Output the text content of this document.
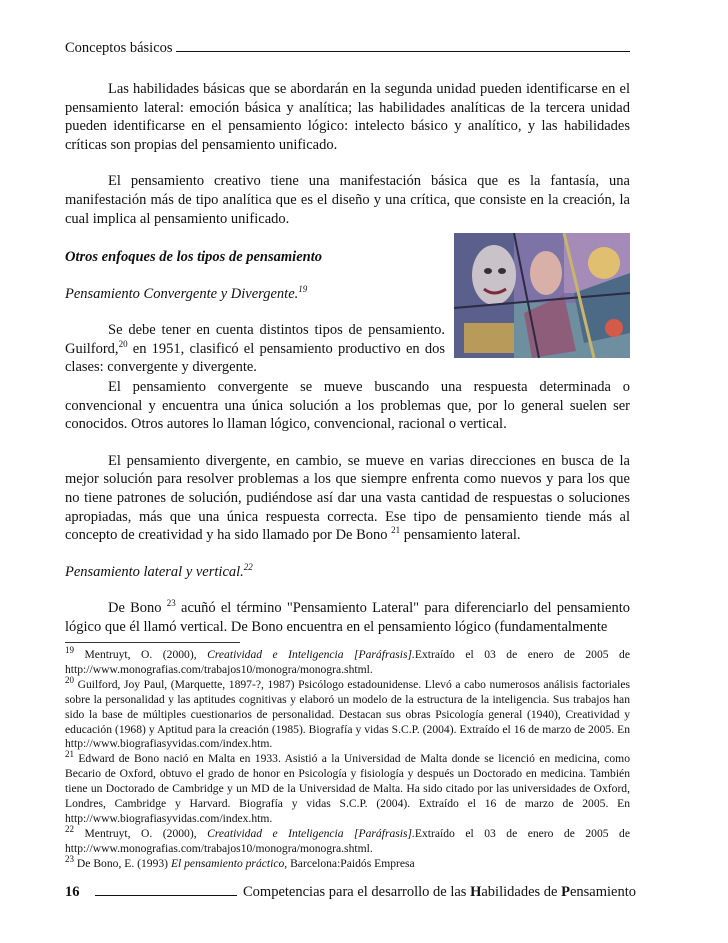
Conceptos básicos

Las habilidades básicas que se abordarán en la segunda unidad pueden identificarse en el pensamiento lateral: emoción básica y analítica; las habilidades analíticas de la tercera unidad pueden identificarse en el pensamiento lógico: intelecto básico y analítico, y las habilidades críticas son propias del pensamiento unificado.

El pensamiento creativo tiene una manifestación básica que es la fantasía, una manifestación más de tipo analítica que es el diseño y una crítica, que consiste en la creación, la cual implica al pensamiento unificado.

Otros enfoques de los tipos de pensamiento

Pensamiento Convergente y Divergente.$^{19}$

Se debe tener en cuenta distintos tipos de pensamiento. Guilford,$^{20}$ en 1951, clasificó el pensamiento productivo en dos clases: convergente y divergente.

El pensamiento convergente se mueve buscando una respuesta determinada o convencional y encuentra una única solución a los problemas que, por lo general suelen ser conocidos. Otros autores lo llaman lógico, convencional, racional o vertical.

El pensamiento divergente, en cambio, se mueve en varias direcciones en busca de la mejor solución para resolver problemas a los que siempre enfrenta como nuevos y para los que no tiene patrones de solución, pudiéndose así dar una vasta cantidad de respuestas o soluciones apropiadas, más que una única respuesta correcta. Ese tipo de pensamiento tiende más al concepto de creatividad y ha sido llamado por De Bono $^{21}$ pensamiento lateral.

Pensamiento lateral y vertical.$^{22}$

De Bono $^{23}$ acuñó el término "Pensamiento Lateral" para diferenciarlo del pensamiento lógico que él llamó vertical. De Bono encuentra en el pensamiento lógico (fundamentalmente

$^{19}$ Mentruyt, O. (2000), Creatividad e Inteligencia [Paráfrasis].Extraído el 03 de enero de 2005 de http://www.monografias.com/trabajos10/monogra/monogra.shtml.

$^{20}$ Guilford, Joy Paul, (Marquette, 1897-?, 1987) Psicólogo estadounidense. Llevó a cabo numerosos análisis factoriales sobre la personalidad y las aptitudes cognitivas y elaboró un modelo de la estructura de la inteligencia. Sus trabajos han sido la base de múltiples cuestionarios de personalidad. Destacan sus obras Psicología general (1940), Creatividad y educación (1968) y Aptitud para la creación (1985). Biografía y vidas S.C.P. (2004). Extraído el 16 de marzo de 2005. En http://www.biografiasyvidas.com/index.htm.

$^{21}$ Edward de Bono nació en Malta en 1933. Asistió a la Universidad de Malta donde se licenció en medicina, como Becario de Oxford, obtuvo el grado de honor en Psicología y fisiología y después un Doctorado en medicina. También tiene un Doctorado de Cambridge y un MD de la Universidad de Malta. Ha sido citado por las universidades de Oxford, Londres, Cambridge y Harvard. Biografía y vidas S.C.P. (2004). Extraído el 16 de marzo de 2005. En http://www.biografiasyvidas.com/index.htm.

$^{22}$ Mentruyt, O. (2000), Creatividad e Inteligencia [Paráfrasis].Extraído el 03 de enero de 2005 de http://www.monografias.com/trabajos10/monogra/monogra.shtml.

$^{23}$ De Bono, E. (1993) El pensamiento práctico, Barcelona:Paidós Empresa

16	Competencias para el desarrollo de las Habilidades de Pensamiento
